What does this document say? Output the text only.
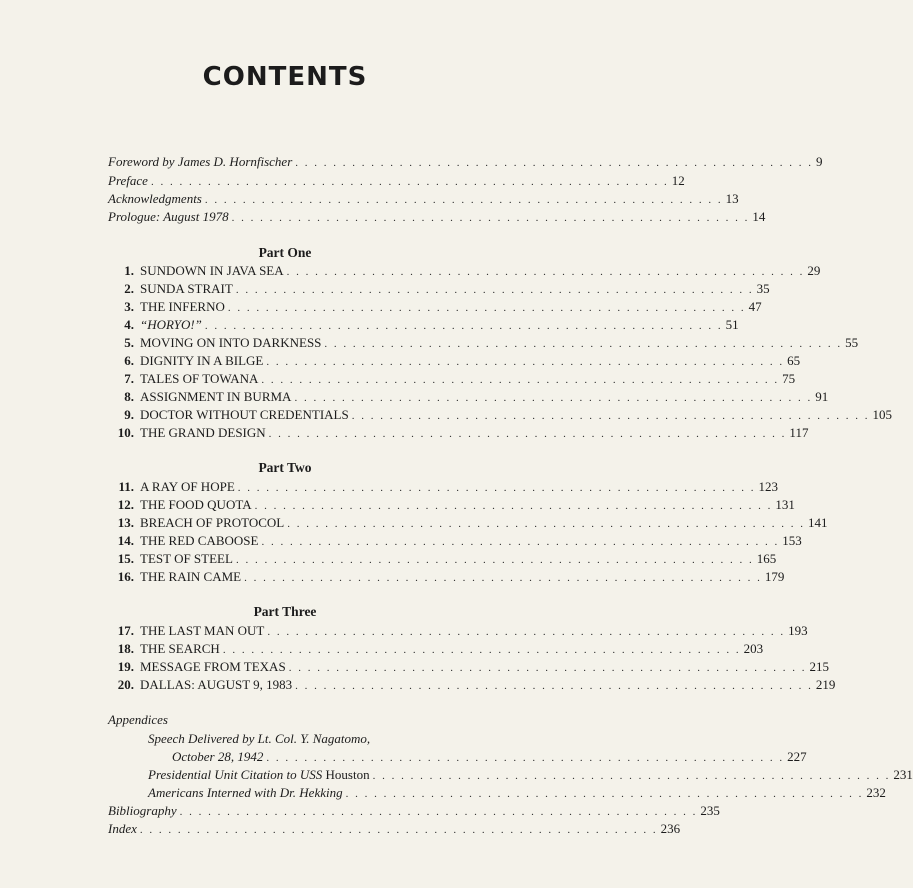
CONTENTS
Foreword by James D. Hornfischer . . . . . . . . . . . . . . . . . . . . . . . . . . . . . . . . . . . . . . . . . . . . . . . . . . . . . . . 9
Preface . . . . . . . . . . . . . . . . . . . . . . . . . . . . . . . . . . . . . . . . . . . . . . . . . . . . . . . 12
Acknowledgments . . . . . . . . . . . . . . . . . . . . . . . . . . . . . . . . . . . . . . . . . . . . . . . . . . . . . . . 13
Prologue: August 1978 . . . . . . . . . . . . . . . . . . . . . . . . . . . . . . . . . . . . . . . . . . . . . . . . . . . . . . . 14
Part One
1. SUNDOWN IN JAVA SEA . . . . . . . . . . . . . . . . . . . . . . . . . . . . . . . . . . . . . . . . . . . . . . . . . . . . . . . 29
2. SUNDA STRAIT . . . . . . . . . . . . . . . . . . . . . . . . . . . . . . . . . . . . . . . . . . . . . . . . . . . . . . . 35
3. THE INFERNO . . . . . . . . . . . . . . . . . . . . . . . . . . . . . . . . . . . . . . . . . . . . . . . . . . . . . . . 47
4. “HORYO!” . . . . . . . . . . . . . . . . . . . . . . . . . . . . . . . . . . . . . . . . . . . . . . . . . . . . . . . 51
5. MOVING ON INTO DARKNESS . . . . . . . . . . . . . . . . . . . . . . . . . . . . . . . . . . . . . . . . . . . . . . . . . . . . . . . 55
6. DIGNITY IN A BILGE . . . . . . . . . . . . . . . . . . . . . . . . . . . . . . . . . . . . . . . . . . . . . . . . . . . . . . . 65
7. TALES OF TOWANA . . . . . . . . . . . . . . . . . . . . . . . . . . . . . . . . . . . . . . . . . . . . . . . . . . . . . . . 75
8. ASSIGNMENT IN BURMA . . . . . . . . . . . . . . . . . . . . . . . . . . . . . . . . . . . . . . . . . . . . . . . . . . . . . . . 91
9. DOCTOR WITHOUT CREDENTIALS . . . . . . . . . . . . . . . . . . . . . . . . . . . . . . . . . . . . . . . . . . . . . . . . . . . . . . . 105
10. THE GRAND DESIGN . . . . . . . . . . . . . . . . . . . . . . . . . . . . . . . . . . . . . . . . . . . . . . . . . . . . . . . 117
Part Two
11. A RAY OF HOPE . . . . . . . . . . . . . . . . . . . . . . . . . . . . . . . . . . . . . . . . . . . . . . . . . . . . . . . 123
12. THE FOOD QUOTA . . . . . . . . . . . . . . . . . . . . . . . . . . . . . . . . . . . . . . . . . . . . . . . . . . . . . . . 131
13. BREACH OF PROTOCOL . . . . . . . . . . . . . . . . . . . . . . . . . . . . . . . . . . . . . . . . . . . . . . . . . . . . . . . 141
14. THE RED CABOOSE . . . . . . . . . . . . . . . . . . . . . . . . . . . . . . . . . . . . . . . . . . . . . . . . . . . . . . . 153
15. TEST OF STEEL . . . . . . . . . . . . . . . . . . . . . . . . . . . . . . . . . . . . . . . . . . . . . . . . . . . . . . . 165
16. THE RAIN CAME . . . . . . . . . . . . . . . . . . . . . . . . . . . . . . . . . . . . . . . . . . . . . . . . . . . . . . . 179
Part Three
17. THE LAST MAN OUT . . . . . . . . . . . . . . . . . . . . . . . . . . . . . . . . . . . . . . . . . . . . . . . . . . . . . . . 193
18. THE SEARCH . . . . . . . . . . . . . . . . . . . . . . . . . . . . . . . . . . . . . . . . . . . . . . . . . . . . . . . 203
19. MESSAGE FROM TEXAS . . . . . . . . . . . . . . . . . . . . . . . . . . . . . . . . . . . . . . . . . . . . . . . . . . . . . . . 215
20. DALLAS: AUGUST 9, 1983 . . . . . . . . . . . . . . . . . . . . . . . . . . . . . . . . . . . . . . . . . . . . . . . . . . . . . . . 219
Appendices
Speech Delivered by Lt. Col. Y. Nagatomo,
October 28, 1942 . . . . . . . . . . . . . . . . . . . . . . . . . . . . . . . . . . . . . . . . . . . . . . . . . . . . . . . 227
Presidential Unit Citation to USS Houston . . . . . . . . . . . . . . . . . . . . . . . . . . . . . . . . . . . . . . . . . . . . . . . . . . . . . . . 231
Americans Interned with Dr. Hekking . . . . . . . . . . . . . . . . . . . . . . . . . . . . . . . . . . . . . . . . . . . . . . . . . . . . . . . 232
Bibliography . . . . . . . . . . . . . . . . . . . . . . . . . . . . . . . . . . . . . . . . . . . . . . . . . . . . . . . 235
Index . . . . . . . . . . . . . . . . . . . . . . . . . . . . . . . . . . . . . . . . . . . . . . . . . . . . . . . 236
